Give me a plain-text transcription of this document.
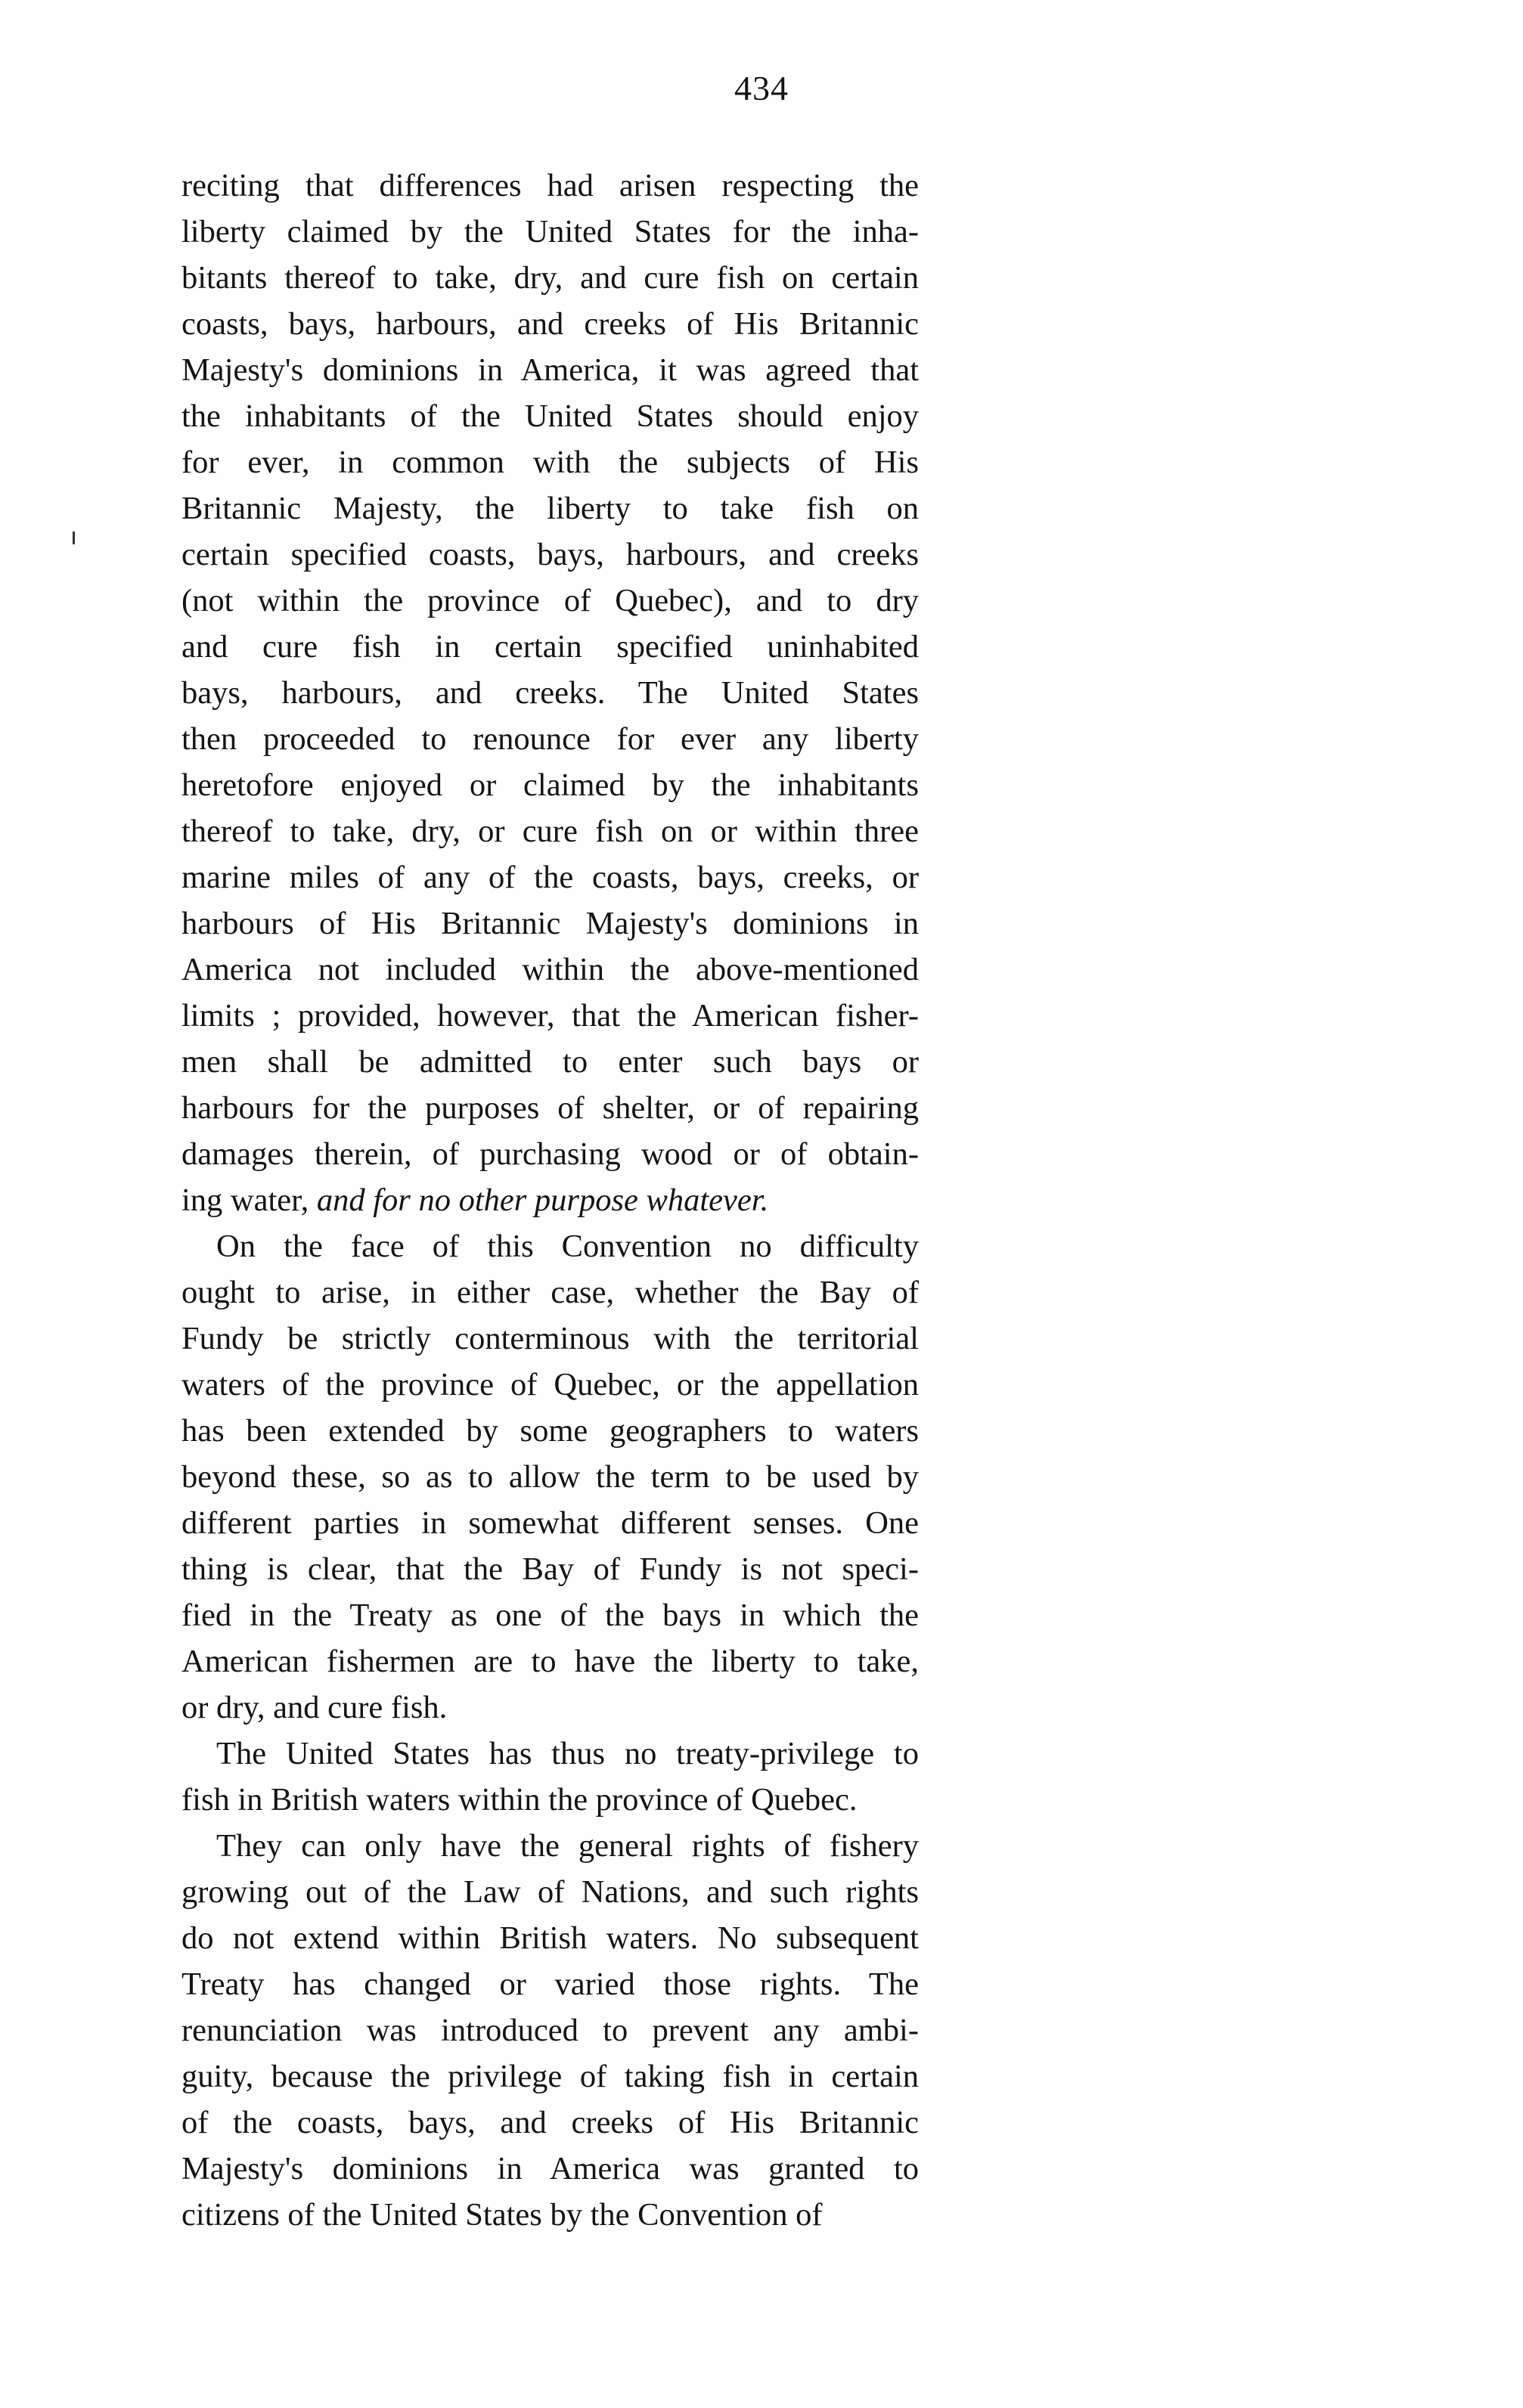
434
reciting that differences had arisen respecting the
liberty claimed by the United States for the inha-
bitants thereof to take, dry, and cure fish on certain
coasts, bays, harbours, and creeks of His Britannic
Majesty's dominions in America, it was agreed that
the inhabitants of the United States should enjoy
for ever, in common with the subjects of His
Britannic Majesty, the liberty to take fish on
certain specified coasts, bays, harbours, and creeks
(not within the province of Quebec), and to dry
and cure fish in certain specified uninhabited
bays, harbours, and creeks. The United States
then proceeded to renounce for ever any liberty
heretofore enjoyed or claimed by the inhabitants
thereof to take, dry, or cure fish on or within three
marine miles of any of the coasts, bays, creeks, or
harbours of His Britannic Majesty's dominions in
America not included within the above-mentioned
limits ; provided, however, that the American fisher-
men shall be admitted to enter such bays or
harbours for the purposes of shelter, or of repairing
damages therein, of purchasing wood or of obtain-
ing water, and for no other purpose whatever.
On the face of this Convention no difficulty
ought to arise, in either case, whether the Bay of
Fundy be strictly conterminous with the territorial
waters of the province of Quebec, or the appellation
has been extended by some geographers to waters
beyond these, so as to allow the term to be used by
different parties in somewhat different senses. One
thing is clear, that the Bay of Fundy is not speci-
fied in the Treaty as one of the bays in which the
American fishermen are to have the liberty to take,
or dry, and cure fish.
The United States has thus no treaty-privilege to
fish in British waters within the province of Quebec.
They can only have the general rights of fishery
growing out of the Law of Nations, and such rights
do not extend within British waters. No subsequent
Treaty has changed or varied those rights. The
renunciation was introduced to prevent any ambi-
guity, because the privilege of taking fish in certain
of the coasts, bays, and creeks of His Britannic
Majesty's dominions in America was granted to
citizens of the United States by the Convention of
